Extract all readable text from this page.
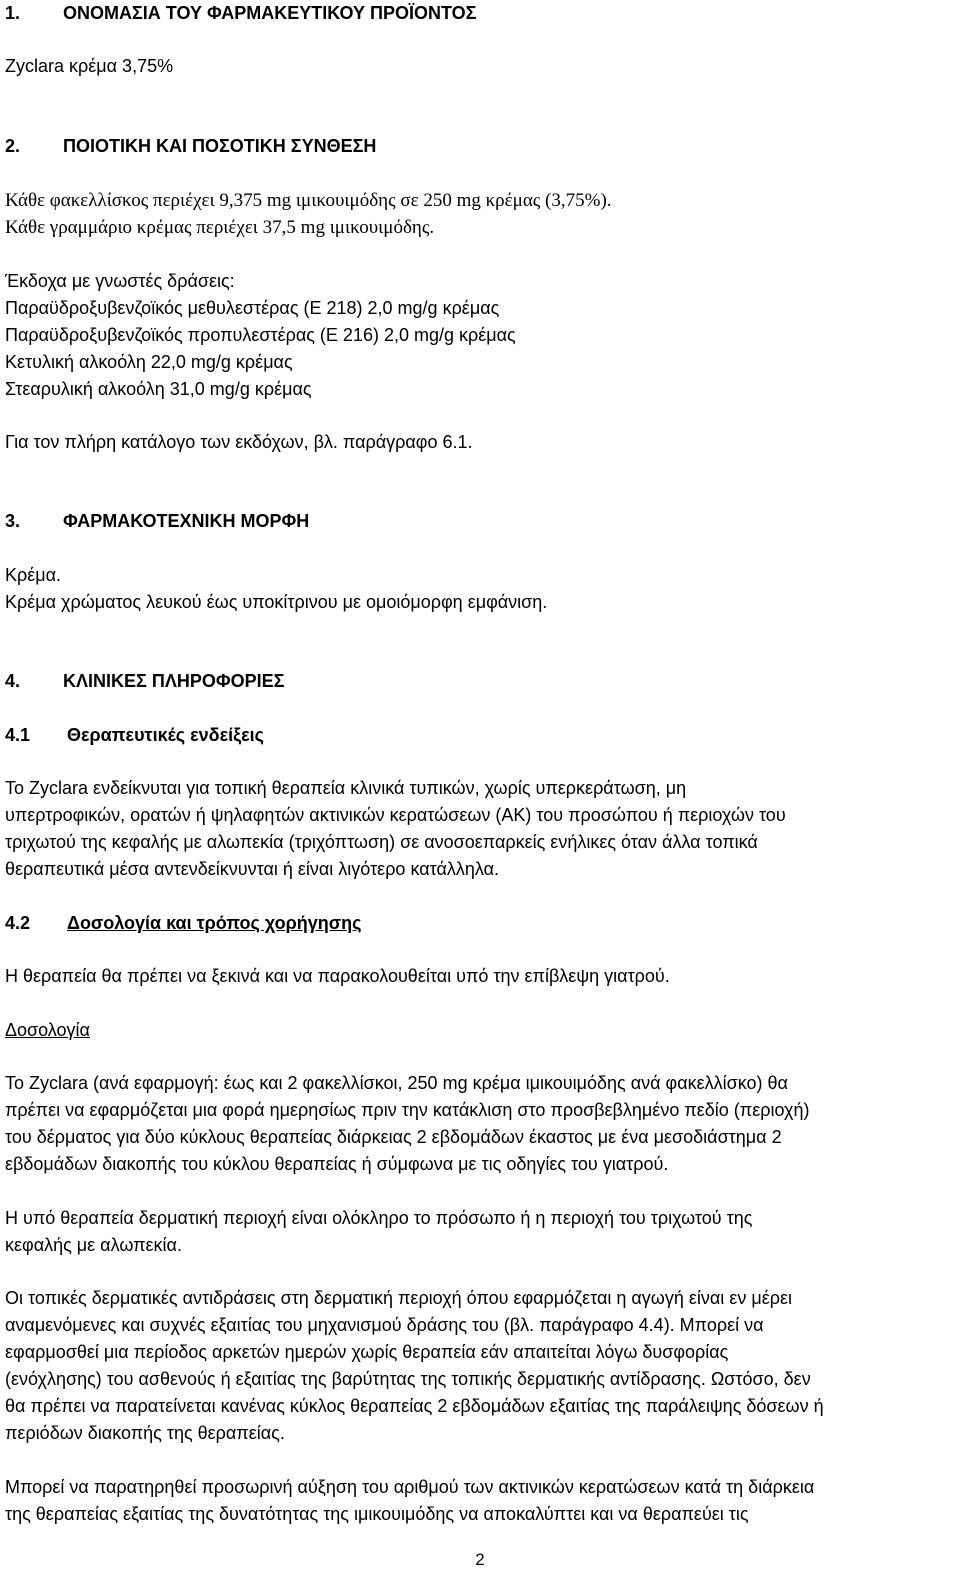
1. ΟΝΟΜΑΣΙΑ ΤΟΥ ΦΑΡΜΑΚΕΥΤΙΚΟΥ ΠΡΟΪΟΝΤΟΣ
Zyclara κρέμα 3,75%
2. ΠΟΙΟΤΙΚΗ ΚΑΙ ΠΟΣΟΤΙΚΗ ΣΥΝΘΕΣΗ
Κάθε φακελλίσκος περιέχει 9,375 mg ιμικουιμόδης σε 250 mg κρέμας (3,75%).
Κάθε γραμμάριο κρέμας περιέχει 37,5 mg ιμικουιμόδης.
Έκδοχα με γνωστές δράσεις:
Παραϋδροξυβενζοϊκός μεθυλεστέρας (E 218) 2,0 mg/g κρέμας
Παραϋδροξυβενζοϊκός προπυλεστέρας (E 216) 2,0 mg/g κρέμας
Κετυλική αλκοόλη 22,0 mg/g κρέμας
Στεαρυλική αλκοόλη 31,0 mg/g κρέμας
Για τον πλήρη κατάλογο των εκδόχων, βλ. παράγραφο 6.1.
3. ΦΑΡΜΑΚΟΤΕΧΝΙΚΗ ΜΟΡΦΗ
Κρέμα.
Κρέμα χρώματος λευκού έως υποκίτρινου με ομοιόμορφη εμφάνιση.
4. ΚΛΙΝΙΚΕΣ ΠΛΗΡΟΦΟΡΙΕΣ
4.1 Θεραπευτικές ενδείξεις
Το Zyclara ενδείκνυται για τοπική θεραπεία κλινικά τυπικών, χωρίς υπερκεράτωση, μη
υπερτροφικών, ορατών ή ψηλαφητών ακτινικών κερατώσεων (AK) του προσώπου ή περιοχών του
τριχωτού της κεφαλής με αλωπεκία (τριχόπτωση) σε ανοσοεπαρκείς ενήλικες όταν άλλα τοπικά
θεραπευτικά μέσα αντενδείκνυνται ή είναι λιγότερο κατάλληλα.
4.2 Δοσολογία και τρόπος χορήγησης
Η θεραπεία θα πρέπει να ξεκινά και να παρακολουθείται υπό την επίβλεψη γιατρού.
Δοσολογία
Το Zyclara (ανά εφαρμογή: έως και 2 φακελλίσκοι, 250 mg κρέμα ιμικουιμόδης ανά φακελλίσκο) θα
πρέπει να εφαρμόζεται μια φορά ημερησίως πριν την κατάκλιση στο προσβεβλημένο πεδίο (περιοχή)
του δέρματος για δύο κύκλους θεραπείας διάρκειας 2 εβδομάδων έκαστος με ένα μεσοδιάστημα 2
εβδομάδων διακοπής του κύκλου θεραπείας ή σύμφωνα με τις οδηγίες του γιατρού.
Η υπό θεραπεία δερματική περιοχή είναι ολόκληρο το πρόσωπο ή η περιοχή του τριχωτού της
κεφαλής με αλωπεκία.
Οι τοπικές δερματικές αντιδράσεις στη δερματική περιοχή όπου εφαρμόζεται η αγωγή είναι εν μέρει
αναμενόμενες και συχνές εξαιτίας του μηχανισμού δράσης του (βλ. παράγραφο 4.4). Μπορεί να
εφαρμοσθεί μια περίοδος αρκετών ημερών χωρίς θεραπεία εάν απαιτείται λόγω δυσφορίας
(ενόχλησης) του ασθενούς ή εξαιτίας της βαρύτητας της τοπικής δερματικής αντίδρασης. Ωστόσο, δεν
θα πρέπει να παρατείνεται κανένας κύκλος θεραπείας 2 εβδομάδων εξαιτίας της παράλειψης δόσεων ή
περιόδων διακοπής της θεραπείας.
Μπορεί να παρατηρηθεί προσωρινή αύξηση του αριθμού των ακτινικών κερατώσεων κατά τη διάρκεια
της θεραπείας εξαιτίας της δυνατότητας της ιμικουιμόδης να αποκαλύπτει και να θεραπεύει τις
2
